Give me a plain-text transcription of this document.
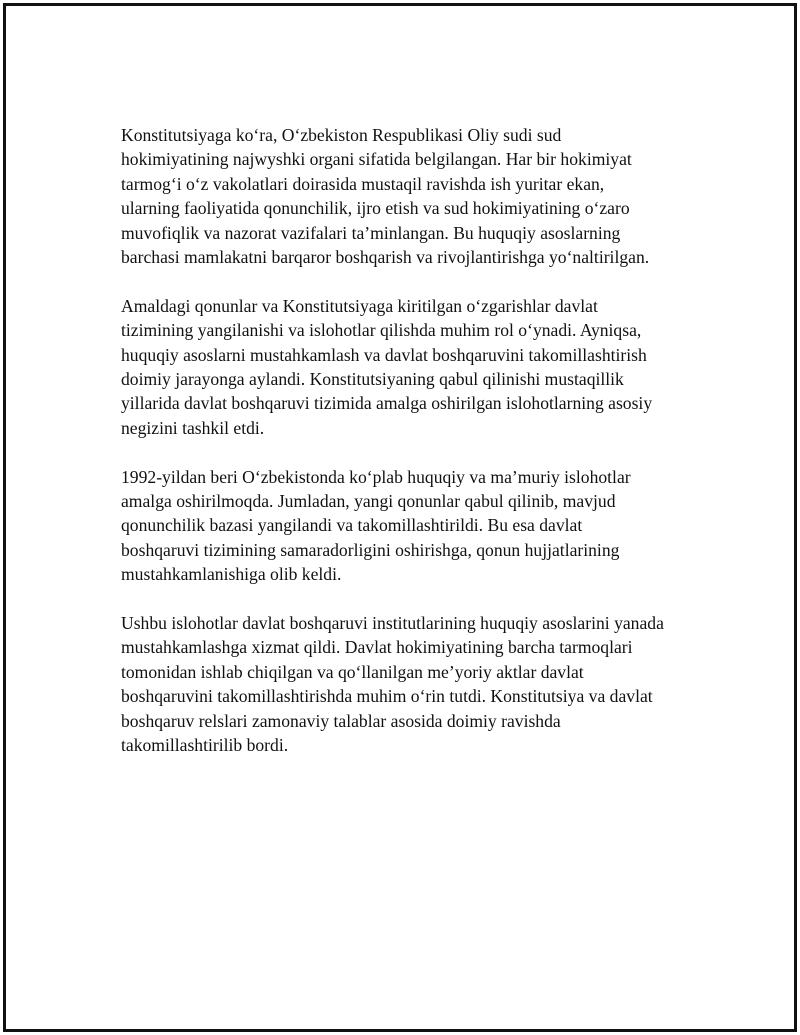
Konstitutsiyaga koʻra, Oʻzbekiston Respublikasi Oliy sudi sud
hokimiyatining najwyshki organi sifatida belgilangan. Har bir hokimiyat
tarmogʻi oʻz vakolatlari doirasida mustaqil ravishda ish yuritar ekan,
ularning faoliyatida qonunchilik, ijro etish va sud hokimiyatining oʻzaro
muvofiqlik va nazorat vazifalari taʼminlangan. Bu huquqiy asoslarning
barchasi mamlakatni barqaror boshqarish va rivojlantirishga yoʻnaltirilgan.

Amaldagi qonunlar va Konstitutsiyaga kiritilgan oʻzgarishlar davlat
tizimining yangilanishi va islohotlar qilishda muhim rol oʻynadi. Ayniqsa,
huquqiy asoslarni mustahkamlash va davlat boshqaruvini takomillashtirish
doimiy jarayonga aylandi. Konstitutsiyaning qabul qilinishi mustaqillik
yillarida davlat boshqaruvi tizimida amalga oshirilgan islohotlarning asosiy
negizini tashkil etdi.

1992-yildan beri Oʻzbekistonda koʻplab huquqiy va maʼmuriy islohotlar
amalga oshirilmoqda. Jumladan, yangi qonunlar qabul qilinib, mavjud
qonunchilik bazasi yangilandi va takomillashtirildi. Bu esa davlat
boshqaruvi tizimining samaradorligini oshirishga, qonun hujjatlarining
mustahkamlanishiga olib keldi.

Ushbu islohotlar davlat boshqaruvi institutlarining huquqiy asoslarini yanada
mustahkamlashga xizmat qildi. Davlat hokimiyatining barcha tarmoqlari
tomonidan ishlab chiqilgan va qoʻllanilgan meʼyoriy aktlar davlat
boshqaruvini takomillashtirishda muhim oʻrin tutdi. Konstitutsiya va davlat
boshqaruv relslari zamonaviy talablar asosida doimiy ravishda
takomillashtirilib bordi.
